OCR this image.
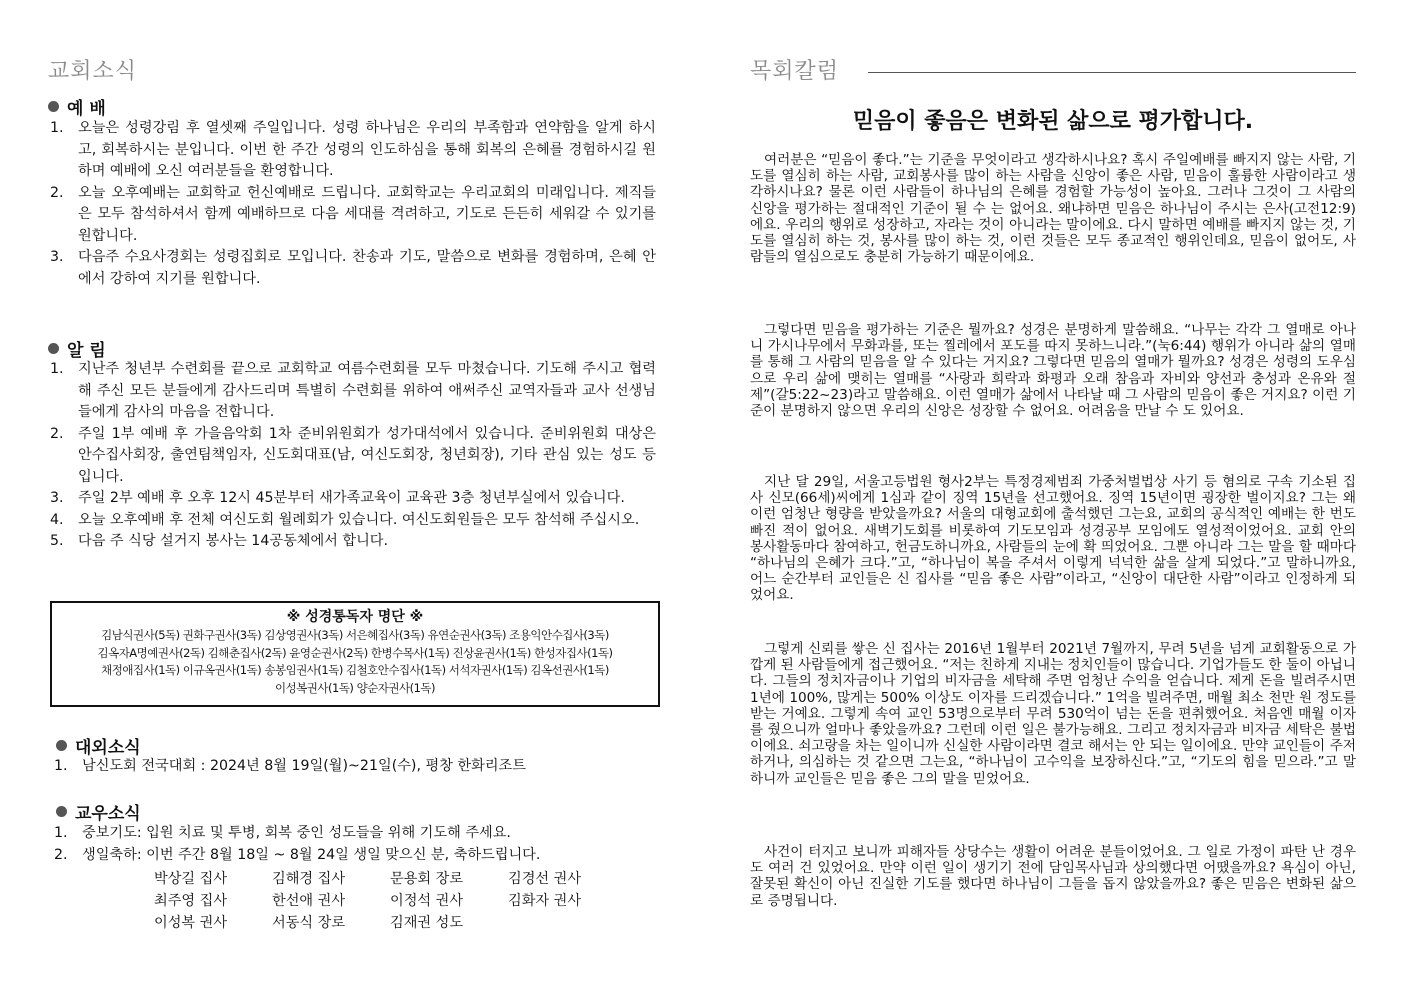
교회소식
예 배
1. 오늘은 성령강림 후 열셋째 주일입니다. 성령 하나님은 우리의 부족함과 연약함을 알게 하시고, 회복하시는 분입니다. 이번 한 주간 성령의 인도하심을 통해 회복의 은혜를 경험하시길 원하며 예배에 오신 여러분들을 환영합니다.
2. 오늘 오후예배는 교회학교 헌신예배로 드립니다. 교회학교는 우리교회의 미래입니다. 제직들은 모두 참석하셔서 함께 예배하므로 다음 세대를 격려하고, 기도로 든든히 세워갈 수 있기를 원합니다.
3. 다음주 수요사경회는 성령집회로 모입니다. 찬송과 기도, 말씀으로 변화를 경험하며, 은혜 안에서 강하여 지기를 원합니다.
알 림
1. 지난주 청년부 수련회를 끝으로 교회학교 여름수련회를 모두 마쳤습니다. 기도해 주시고 협력해 주신 모든 분들에게 감사드리며 특별히 수련회를 위하여 애써주신 교역자들과 교사 선생님들에게 감사의 마음을 전합니다.
2. 주일 1부 예배 후 가을음악회 1차 준비위원회가 성가대석에서 있습니다. 준비위원회 대상은 안수집사회장, 출연팀책임자, 신도회대표(남, 여신도회장, 청년회장), 기타 관심 있는 성도 등입니다.
3. 주일 2부 예배 후 오후 12시 45분부터 새가족교육이 교육관 3층 청년부실에서 있습니다.
4. 오늘 오후예배 후 전체 여신도회 월례회가 있습니다. 여신도회원들은 모두 참석해 주십시오.
5. 다음 주 식당 설거지 봉사는 14공동체에서 합니다.
※ 성경통독자 명단 ※
김남식권사(5독) 권화구권사(3독) 김상영권사(3독) 서은혜집사(3독) 유연순권사(3독) 조용익안수집사(3독)
김옥자A명예권사(2독) 김해춘집사(2독) 윤영순권사(2독) 한병수목사(1독) 진상윤권사(1독) 한성자집사(1독)
채정애집사(1독) 이규옥권사(1독) 송봉임권사(1독) 김철호안수집사(1독) 서석자권사(1독) 김옥선권사(1독)
이성복권사(1독) 양순자권사(1독)
대외소식
1. 남신도회 전국대회 : 2024년 8월 19일(월)~21일(수), 평창 한화리조트
교우소식
1. 중보기도: 입원 치료 및 투병, 회복 중인 성도들을 위해 기도해 주세요.
2. 생일축하: 이번 주간 8월 18일 ~ 8월 24일 생일 맞으신 분, 축하드립니다.
박상길 집사	김해경 집사	문용회 장로	김경선 권사
최주영 집사	한선애 권사	이정석 권사	김화자 권사
이성복 권사	서동식 장로	김재권 성도
목회칼럼
믿음이 좋음은 변화된 삶으로 평가합니다.

여러분은 “믿음이 좋다.”는 기준을 무엇이라고 생각하시나요? 혹시 주일예배를 빠지지 않는 사람, 기도를 열심히 하는 사람, 교회봉사를 많이 하는 사람을 신앙이 좋은 사람, 믿음이 훌륭한 사람이라고 생각하시나요? 물론 이런 사람들이 하나님의 은혜를 경험할 가능성이 높아요. 그러나 그것이 그 사람의 신앙을 평가하는 절대적인 기준이 될 수 는 없어요. 왜냐하면 믿음은 하나님이 주시는 은사(고전12:9)에요. 우리의 행위로 성장하고, 자라는 것이 아니라는 말이에요. 다시 말하면 예배를 빠지지 않는 것, 기도를 열심히 하는 것, 봉사를 많이 하는 것, 이런 것들은 모두 종교적인 행위인데요, 믿음이 없어도, 사람들의 열심으로도 충분히 가능하기 때문이에요.

그렇다면 믿음을 평가하는 기준은 뭘까요? 성경은 분명하게 말씀해요. “나무는 각각 그 열매로 아나니 가시나무에서 무화과를, 또는 찔레에서 포도를 따지 못하느니라.”(눅6:44) 행위가 아니라 삶의 열매를 통해 그 사람의 믿음을 알 수 있다는 거지요? 그렇다면 믿음의 열매가 뭘까요? 성경은 성령의 도우심으로 우리 삶에 맺히는 열매를 “사랑과 희락과 화평과 오래 참음과 자비와 양선과 충성과 온유와 절제”(갈5:22~23)라고 말씀해요. 이런 열매가 삶에서 나타날 때 그 사람의 믿음이 좋은 거지요? 이런 기준이 분명하지 않으면 우리의 신앙은 성장할 수 없어요. 어려움을 만날 수 도 있어요.

지난 달 29일, 서울고등법원 형사2부는 특정경제범죄 가중처벌법상 사기 등 혐의로 구속 기소된 집사 신모(66세)씨에게 1심과 같이 징역 15년을 선고했어요. 징역 15년이면 굉장한 벌이지요? 그는 왜 이런 엄청난 형량을 받았을까요? 서울의 대형교회에 출석했던 그는요, 교회의 공식적인 예배는 한 번도 빠진 적이 없어요. 새벽기도회를 비롯하여 기도모임과 성경공부 모임에도 열성적이었어요. 교회 안의 봉사활동마다 참여하고, 헌금도하니까요, 사람들의 눈에 확 띄었어요. 그뿐 아니라 그는 말을 할 때마다 “하나님의 은혜가 크다.”고, “하나님이 복을 주셔서 이렇게 넉넉한 삶을 살게 되었다.”고 말하니까요, 어느 순간부터 교인들은 신 집사를 “믿음 좋은 사람”이라고, “신앙이 대단한 사람”이라고 인정하게 되었어요.

그렇게 신뢰를 쌓은 신 집사는 2016년 1월부터 2021년 7월까지, 무려 5년을 넘게 교회활동으로 가깝게 된 사람들에게 접근했어요. “저는 친하게 지내는 정치인들이 많습니다. 기업가들도 한 둘이 아닙니다. 그들의 정치자금이나 기업의 비자금을 세탁해 주면 엄청난 수익을 얻습니다. 제게 돈을 빌려주시면 1년에 100%, 많게는 500% 이상도 이자를 드리겠습니다.” 1억을 빌려주면, 매월 최소 천만 원 정도를 받는 거예요. 그렇게 속여 교인 53명으로부터 무려 530억이 넘는 돈을 편취했어요. 처음엔 매월 이자를 줬으니까 얼마나 좋았을까요? 그런데 이런 일은 불가능해요. 그리고 정치자금과 비자금 세탁은 불법이에요. 쇠고랑을 차는 일이니까 신실한 사람이라면 결코 해서는 안 되는 일이에요. 만약 교인들이 주저하거나, 의심하는 것 같으면 그는요, “하나님이 고수익을 보장하신다.”고, “기도의 힘을 믿으라.”고 말하니까 교인들은 믿음 좋은 그의 말을 믿었어요.

사건이 터지고 보니까 피해자들 상당수는 생활이 어려운 분들이었어요. 그 일로 가정이 파탄 난 경우도 여러 건 있었어요. 만약 이런 일이 생기기 전에 담임목사님과 상의했다면 어땠을까요? 욕심이 아닌, 잘못된 확신이 아닌 진실한 기도를 했다면 하나님이 그들을 돕지 않았을까요? 좋은 믿음은 변화된 삶으로 증명됩니다.
